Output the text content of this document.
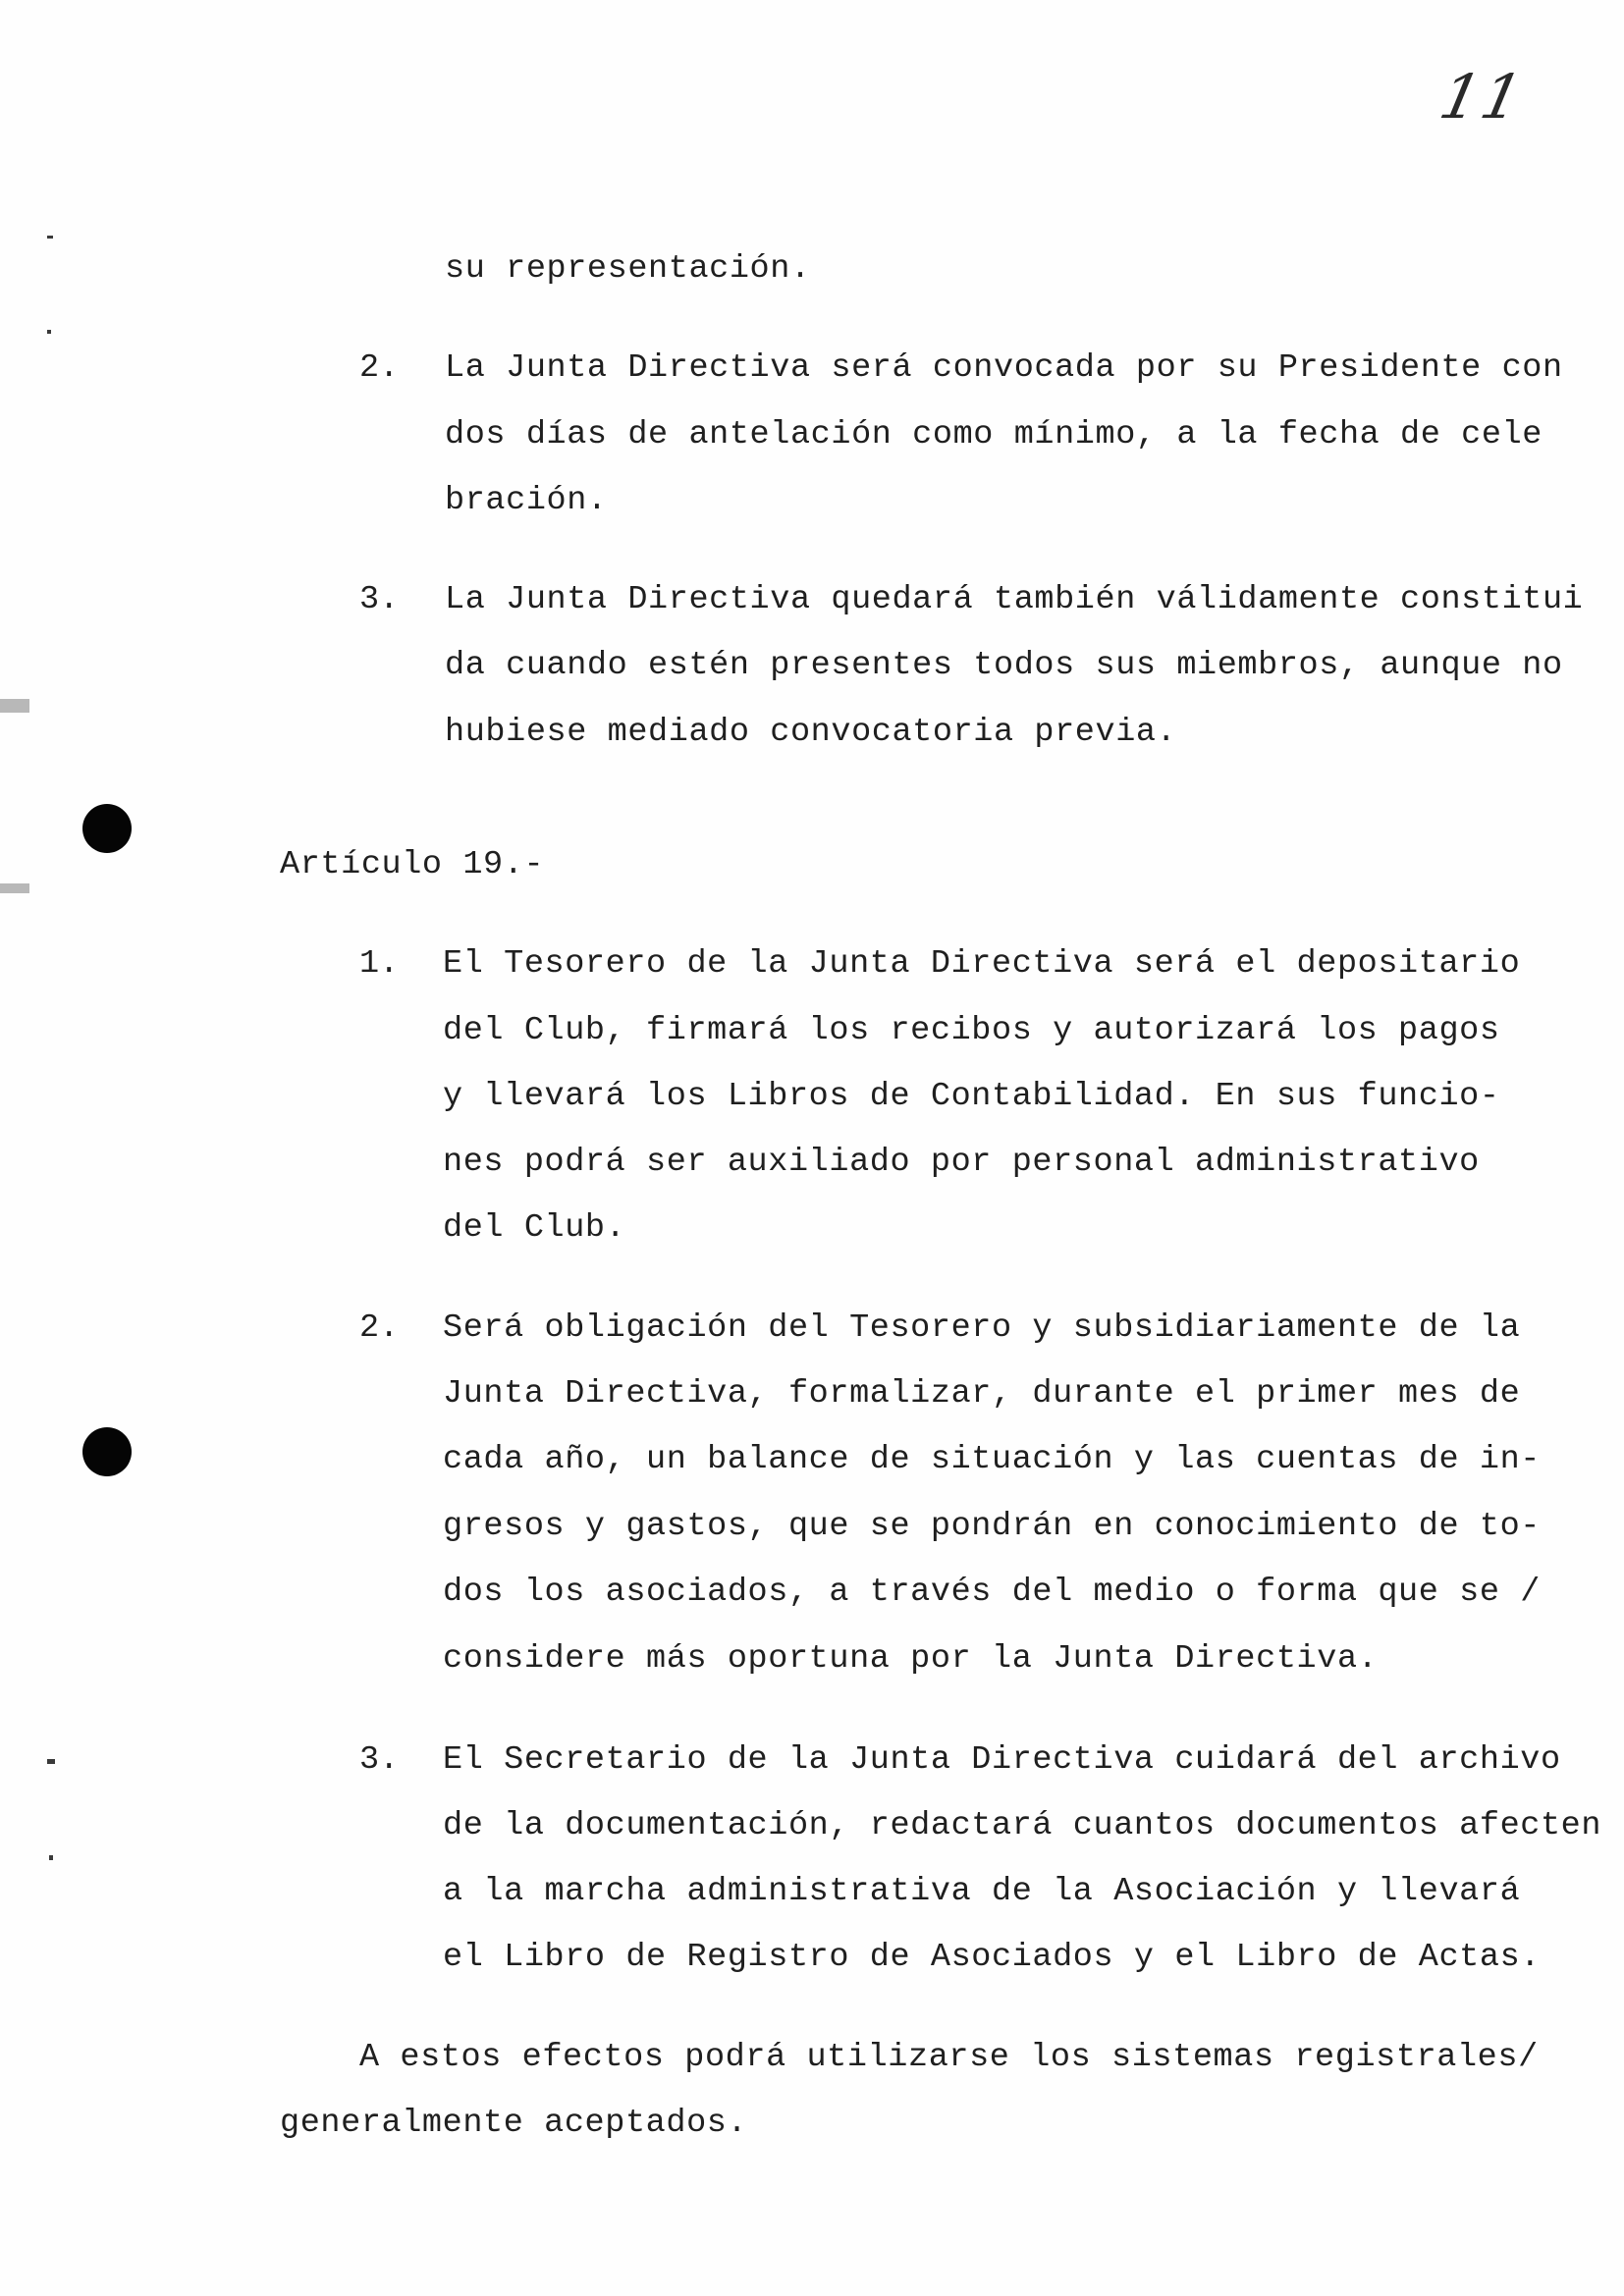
11
su representación.
2. La Junta Directiva será convocada por su Presidente con
dos días de antelación como mínimo, a la fecha de cele
bración.
3. La Junta Directiva quedará también válidamente constitui
da cuando estén presentes todos sus miembros, aunque no
hubiese mediado convocatoria previa.
Artículo 19.-
1. El Tesorero de la Junta Directiva será el depositario
del Club, firmará los recibos y autorizará los pagos
y llevará los Libros de Contabilidad. En sus funcio-
nes podrá ser auxiliado por personal administrativo
del Club.
2. Será obligación del Tesorero y subsidiariamente de la
Junta Directiva, formalizar, durante el primer mes de
cada año, un balance de situación y las cuentas de in-
gresos y gastos, que se pondrán en conocimiento de to-
dos los asociados, a través del medio o forma que se /
considere más oportuna por la Junta Directiva.
3. El Secretario de la Junta Directiva cuidará del archivo
de la documentación, redactará cuantos documentos afecten
a la marcha administrativa de la Asociación y llevará
el Libro de Registro de Asociados y el Libro de Actas.
A estos efectos podrá utilizarse los sistemas registrales/
generalmente aceptados.
